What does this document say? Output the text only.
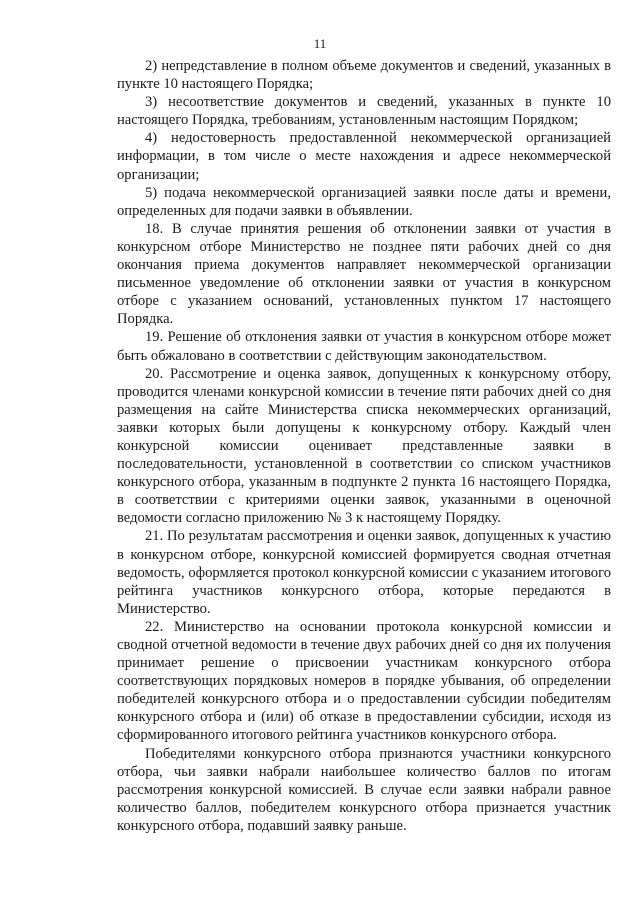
11

2) непредставление в полном объеме документов и сведений, указанных в пункте 10 настоящего Порядка;

3) несоответствие документов и сведений, указанных в пункте 10 настоящего Порядка, требованиям, установленным настоящим Порядком;

4) недостоверность предоставленной некоммерческой организацией информации, в том числе о месте нахождения и адресе некоммерческой организации;

5) подача некоммерческой организацией заявки после даты и времени, определенных для подачи заявки в объявлении.

18. В случае принятия решения об отклонении заявки от участия в конкурсном отборе Министерство не позднее пяти рабочих дней со дня окончания приема документов направляет некоммерческой организации письменное уведомление об отклонении заявки от участия в конкурсном отборе с указанием оснований, установленных пунктом 17 настоящего Порядка.

19. Решение об отклонения заявки от участия в конкурсном отборе может быть обжаловано в соответствии с действующим законодательством.

20. Рассмотрение и оценка заявок, допущенных к конкурсному отбору, проводится членами конкурсной комиссии в течение пяти рабочих дней со дня размещения на сайте Министерства списка некоммерческих организаций, заявки которых были допущены к конкурсному отбору. Каждый член конкурсной комиссии оценивает представленные заявки в последовательности, установленной в соответствии со списком участников конкурсного отбора, указанным в подпункте 2 пункта 16 настоящего Порядка, в соответствии с критериями оценки заявок, указанными в оценочной ведомости согласно приложению № 3 к настоящему Порядку.

21. По результатам рассмотрения и оценки заявок, допущенных к участию в конкурсном отборе, конкурсной комиссией формируется сводная отчетная ведомость, оформляется протокол конкурсной комиссии с указанием итогового рейтинга участников конкурсного отбора, которые передаются в Министерство.

22. Министерство на основании протокола конкурсной комиссии и сводной отчетной ведомости в течение двух рабочих дней со дня их получения принимает решение о присвоении участникам конкурсного отбора соответствующих порядковых номеров в порядке убывания, об определении победителей конкурсного отбора и о предоставлении субсидии победителям конкурсного отбора и (или) об отказе в предоставлении субсидии, исходя из сформированного итогового рейтинга участников конкурсного отбора.

Победителями конкурсного отбора признаются участники конкурсного отбора, чьи заявки набрали наибольшее количество баллов по итогам рассмотрения конкурсной комиссией. В случае если заявки набрали равное количество баллов, победителем конкурсного отбора признается участник конкурсного отбора, подавший заявку раньше.
